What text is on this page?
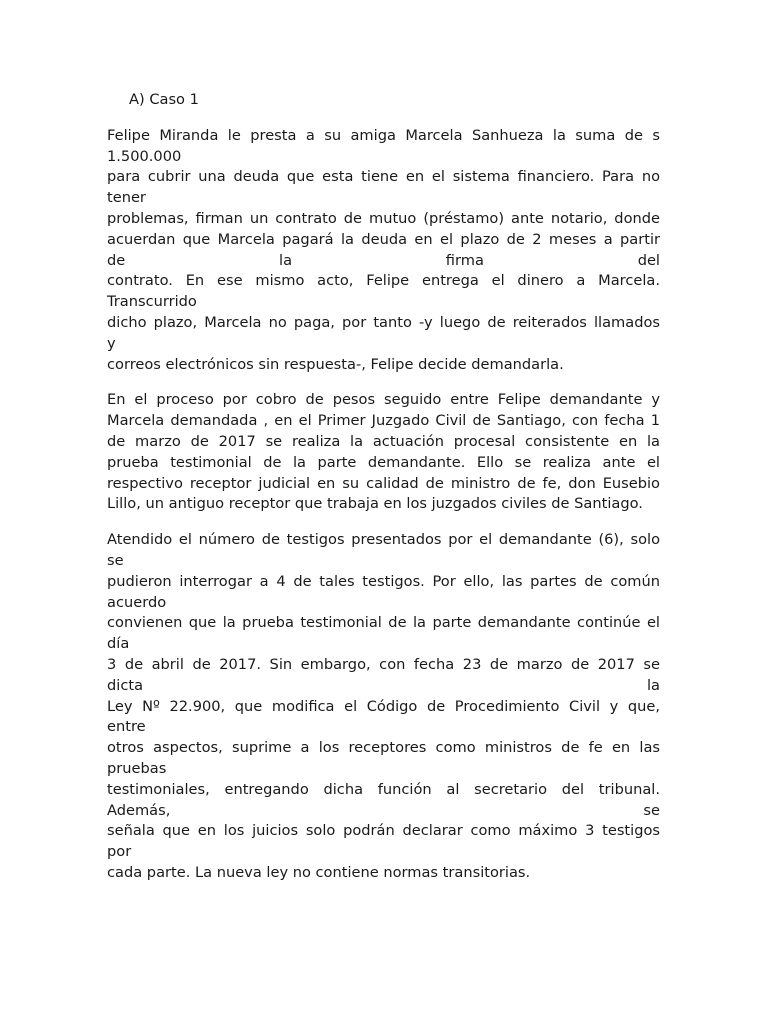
A) Caso 1
Felipe Miranda le presta a su amiga Marcela Sanhueza la suma de s
1.500.000
para cubrir una deuda que esta tiene en el sistema financiero. Para no
tener
problemas, firman un contrato de mutuo (préstamo) ante notario, donde
acuerdan que Marcela pagará la deuda en el plazo de 2 meses a partir
de la firma del
contrato. En ese mismo acto, Felipe entrega el dinero a Marcela.
Transcurrido
dicho plazo, Marcela no paga, por tanto -y luego de reiterados llamados
y
correos electrónicos sin respuesta-, Felipe decide demandarla.
En el proceso por cobro de pesos seguido entre Felipe demandante y
Marcela demandada , en el Primer Juzgado Civil de Santiago, con fecha 1
de marzo de 2017 se realiza la actuación procesal consistente en la
prueba testimonial de la parte demandante. Ello se realiza ante el
respectivo receptor judicial en su calidad de ministro de fe, don Eusebio
Lillo, un antiguo receptor que trabaja en los juzgados civiles de Santiago.
Atendido el número de testigos presentados por el demandante (6), solo
se
pudieron interrogar a 4 de tales testigos. Por ello, las partes de común
acuerdo
convienen que la prueba testimonial de la parte demandante continúe el
día
3 de abril de 2017. Sin embargo, con fecha 23 de marzo de 2017 se
dicta la
Ley Nº 22.900, que modifica el Código de Procedimiento Civil y que,
entre
otros aspectos, suprime a los receptores como ministros de fe en las
pruebas
testimoniales, entregando dicha función al secretario del tribunal.
Además, se
señala que en los juicios solo podrán declarar como máximo 3 testigos
por
cada parte. La nueva ley no contiene normas transitorias.
